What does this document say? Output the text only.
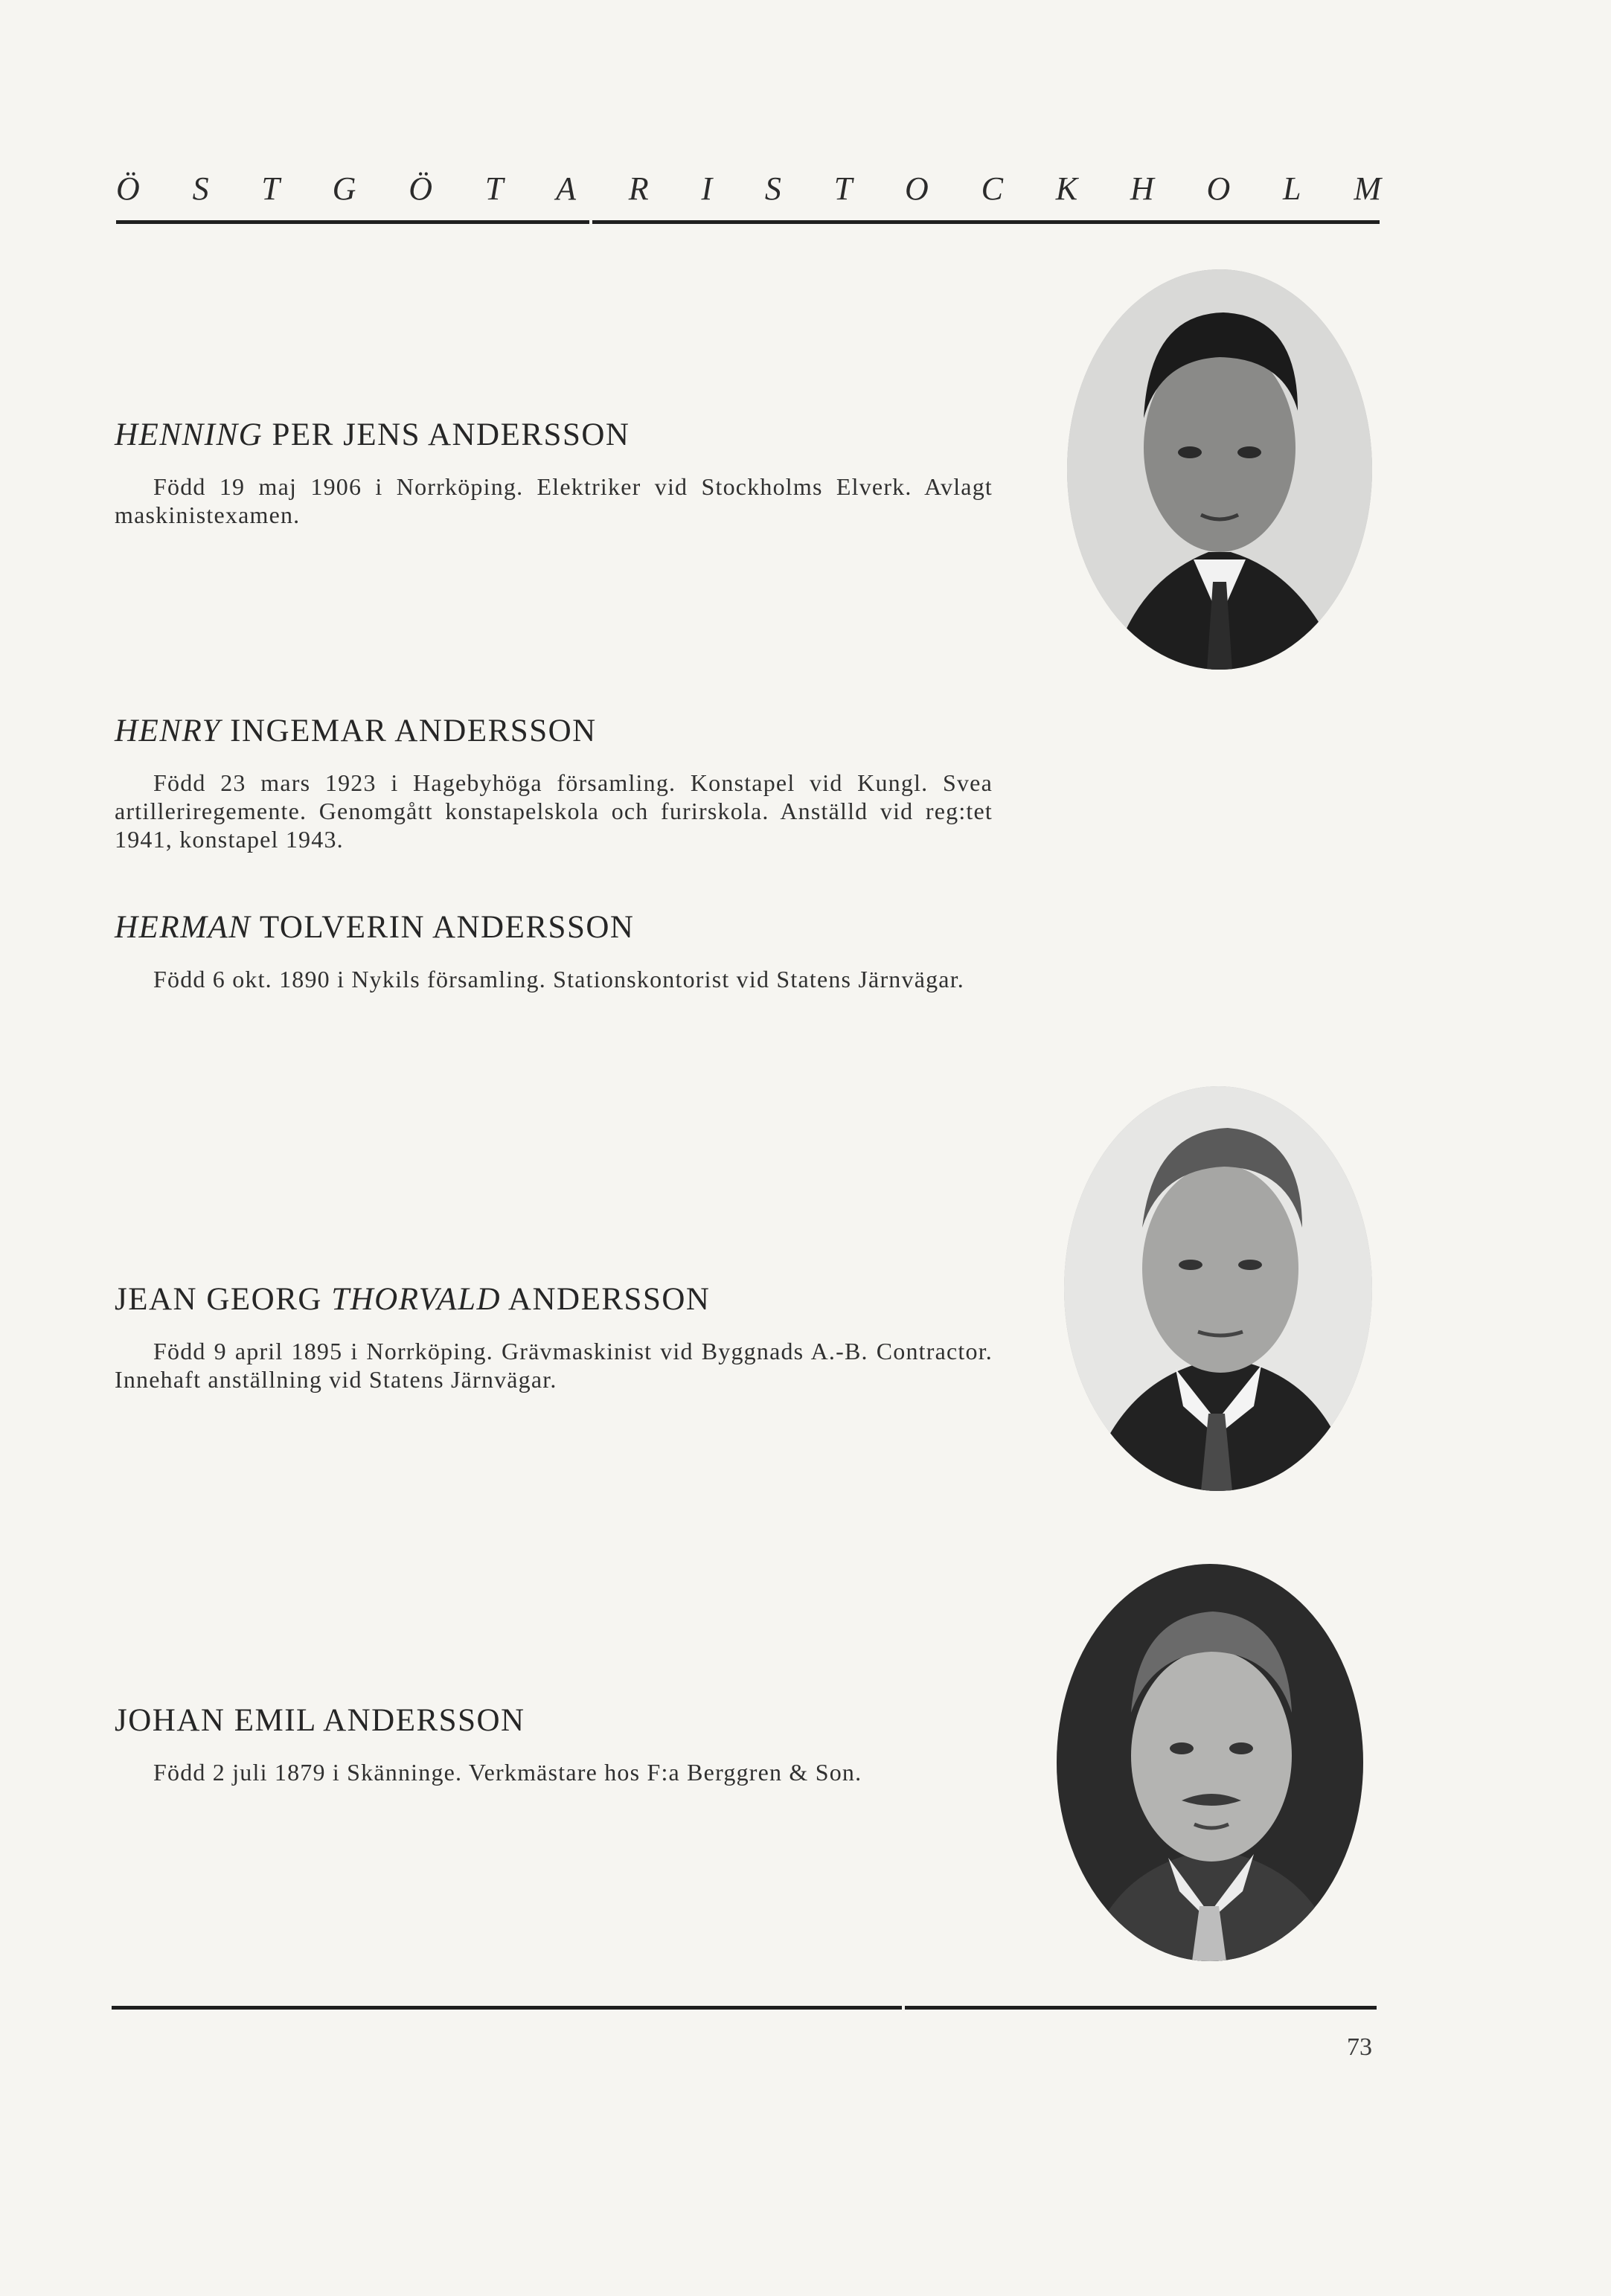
Ö S T G Ö T A R I S T O C K H O L M
HENNING PER JENS ANDERSSON

Född 19 maj 1906 i Norrköping. Elektriker vid Stockholms Elverk. Avlagt maskinistexamen.

HENRY INGEMAR ANDERSSON

Född 23 mars 1923 i Hagebyhöga församling. Konstapel vid Kungl. Svea artilleriregemente. Genomgått konstapelskola och furirskola. Anställd vid reg:tet 1941, konstapel 1943.

HERMAN TOLVERIN ANDERSSON

Född 6 okt. 1890 i Nykils församling. Stationskontorist vid Statens Järnvägar.

JEAN GEORG THORVALD ANDERSSON

Född 9 april 1895 i Norrköping. Grävmaskinist vid Byggnads A.-B. Contractor. Innehaft anställning vid Statens Järnvägar.

JOHAN EMIL ANDERSSON

Född 2 juli 1879 i Skänninge. Verkmästare hos F:a Berggren & Son.

73
